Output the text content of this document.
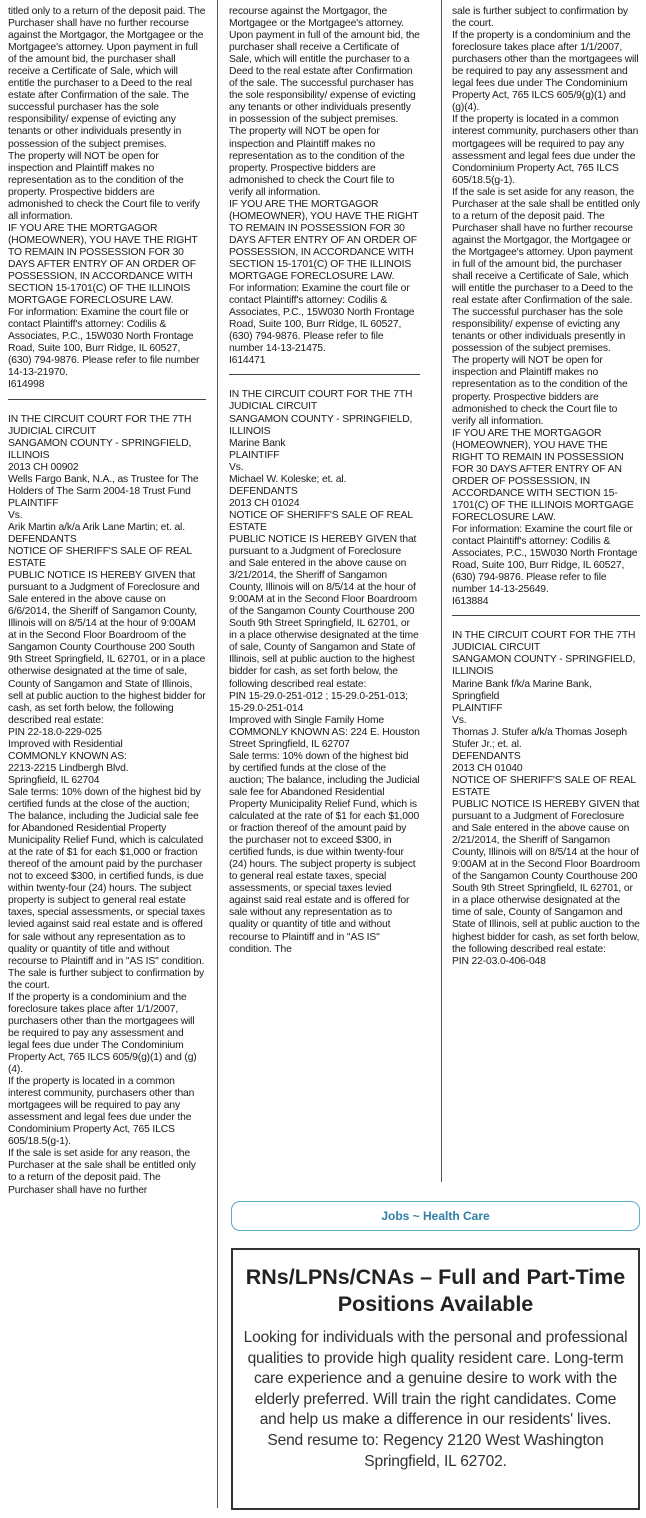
titled only to a return of the deposit paid. The Purchaser shall have no further recourse against the Mortgagor, the Mortgagee or the Mortgagee's attorney. Upon payment in full of the amount bid, the purchaser shall receive a Certificate of Sale, which will entitle the purchaser to a Deed to the real estate after Confirmation of the sale. The successful purchaser has the sole responsibility/ expense of evicting any tenants or other individuals presently in possession of the subject premises.

The property will NOT be open for inspection and Plaintiff makes no representation as to the condition of the property. Prospective bidders are admonished to check the Court file to verify all information.

IF YOU ARE THE MORTGAGOR (HOMEOWNER), YOU HAVE THE RIGHT TO REMAIN IN POSSESSION FOR 30 DAYS AFTER ENTRY OF AN ORDER OF POSSESSION, IN ACCORDANCE WITH SECTION 15-1701(C) OF THE ILLINOIS MORTGAGE FORECLOSURE LAW.

For information: Examine the court file or contact Plaintiff's attorney: Codilis & Associates, P.C., 15W030 North Frontage Road, Suite 100, Burr Ridge, IL 60527, (630) 794-9876. Please refer to file number 14-13-21970.

I614998

IN THE CIRCUIT COURT FOR THE 7TH JUDICIAL CIRCUIT

SANGAMON COUNTY - SPRINGFIELD, ILLINOIS

2013 CH 00902

Wells Fargo Bank, N.A., as Trustee for The Holders of The Sarm 2004-18 Trust Fund

PLAINTIFF

Vs.

Arik Martin a/k/a Arik Lane Martin; et. al.

DEFENDANTS

NOTICE OF SHERIFF'S SALE OF REAL ESTATE

PUBLIC NOTICE IS HEREBY GIVEN that pursuant to a Judgment of Foreclosure and Sale entered in the above cause on 6/6/2014, the Sheriff of Sangamon County, Illinois will on 8/5/14 at the hour of 9:00AM at in the Second Floor Boardroom of the Sangamon County Courthouse 200 South 9th Street Springfield, IL 62701, or in a place otherwise designated at the time of sale, County of Sangamon and State of Illinois, sell at public auction to the highest bidder for cash, as set forth below, the following described real estate:

PIN 22-18.0-229-025

Improved with Residential

COMMONLY KNOWN AS:

2213-2215 Lindbergh Blvd.

Springfield, IL 62704

Sale terms: 10% down of the highest bid by certified funds at the close of the auction; The balance, including the Judicial sale fee for Abandoned Residential Property Municipality Relief Fund, which is calculated at the rate of $1 for each $1,000 or fraction thereof of the amount paid by the purchaser not to exceed $300, in certified funds, is due within twenty-four (24) hours. The subject property is subject to general real estate taxes, special assessments, or special taxes levied against said real estate and is offered for sale without any representation as to quality or quantity of title and without recourse to Plaintiff and in "AS IS" condition. The sale is further subject to confirmation by the court.

If the property is a condominium and the foreclosure takes place after 1/1/2007, purchasers other than the mortgagees will be required to pay any assessment and legal fees due under The Condominium Property Act, 765 ILCS 605/9(g)(1) and (g)(4).

If the property is located in a common interest community, purchasers other than mortgagees will be required to pay any assessment and legal fees due under the Condominium Property Act, 765 ILCS 605/18.5(g-1).

If the sale is set aside for any reason, the Purchaser at the sale shall be entitled only to a return of the deposit paid. The Purchaser shall have no further

recourse against the Mortgagor, the Mortgagee or the Mortgagee's attorney. Upon payment in full of the amount bid, the purchaser shall receive a Certificate of Sale, which will entitle the purchaser to a Deed to the real estate after Confirmation of the sale. The successful purchaser has the sole responsibility/ expense of evicting any tenants or other individuals presently in possession of the subject premises.

The property will NOT be open for inspection and Plaintiff makes no representation as to the condition of the property. Prospective bidders are admonished to check the Court file to verify all information.

IF YOU ARE THE MORTGAGOR (HOMEOWNER), YOU HAVE THE RIGHT TO REMAIN IN POSSESSION FOR 30 DAYS AFTER ENTRY OF AN ORDER OF POSSESSION, IN ACCORDANCE WITH SECTION 15-1701(C) OF THE ILLINOIS MORTGAGE FORECLOSURE LAW.

For information: Examine the court file or contact Plaintiff's attorney: Codilis & Associates, P.C., 15W030 North Frontage Road, Suite 100, Burr Ridge, IL 60527, (630) 794-9876. Please refer to file number 14-13-21475.

I614471

IN THE CIRCUIT COURT FOR THE 7TH JUDICIAL CIRCUIT

SANGAMON COUNTY - SPRINGFIELD, ILLINOIS

Marine Bank

PLAINTIFF

Vs.

Michael W. Koleske; et. al.

DEFENDANTS

2013 CH 01024

NOTICE OF SHERIFF'S SALE OF REAL ESTATE

PUBLIC NOTICE IS HEREBY GIVEN that pursuant to a Judgment of Foreclosure and Sale entered in the above cause on 3/21/2014, the Sheriff of Sangamon County, Illinois will on 8/5/14 at the hour of 9:00AM at in the Second Floor Boardroom of the Sangamon County Courthouse 200 South 9th Street Springfield, IL 62701, or in a place otherwise designated at the time of sale, County of Sangamon and State of Illinois, sell at public auction to the highest bidder for cash, as set forth below, the following described real estate:

PIN 15-29.0-251-012 ; 15-29.0-251-013; 15-29.0-251-014

Improved with Single Family Home

COMMONLY KNOWN AS: 224 E. Houston Street Springfield, IL 62707

Sale terms: 10% down of the highest bid by certified funds at the close of the auction; The balance, including the Judicial sale fee for Abandoned Residential Property Municipality Relief Fund, which is calculated at the rate of $1 for each $1,000 or fraction thereof of the amount paid by the purchaser not to exceed $300, in certified funds, is due within twenty-four (24) hours. The subject property is subject to general real estate taxes, special assessments, or special taxes levied against said real estate and is offered for sale without any representation as to quality or quantity of title and without recourse to Plaintiff and in "AS IS" condition. The

sale is further subject to confirmation by the court.

If the property is a condominium and the foreclosure takes place after 1/1/2007, purchasers other than the mortgagees will be required to pay any assessment and legal fees due under The Condominium Property Act, 765 ILCS 605/9(g)(1) and (g)(4).

If the property is located in a common interest community, purchasers other than mortgagees will be required to pay any assessment and legal fees due under the Condominium Property Act, 765 ILCS 605/18.5(g-1).

If the sale is set aside for any reason, the Purchaser at the sale shall be entitled only to a return of the deposit paid. The Purchaser shall have no further recourse against the Mortgagor, the Mortgagee or the Mortgagee's attorney. Upon payment in full of the amount bid, the purchaser shall receive a Certificate of Sale, which will entitle the purchaser to a Deed to the real estate after Confirmation of the sale. The successful purchaser has the sole responsibility/ expense of evicting any tenants or other individuals presently in possession of the subject premises.

The property will NOT be open for inspection and Plaintiff makes no representation as to the condition of the property. Prospective bidders are admonished to check the Court file to verify all information.

IF YOU ARE THE MORTGAGOR (HOMEOWNER), YOU HAVE THE RIGHT TO REMAIN IN POSSESSION FOR 30 DAYS AFTER ENTRY OF AN ORDER OF POSSESSION, IN ACCORDANCE WITH SECTION 15-1701(C) OF THE ILLINOIS MORTGAGE FORECLOSURE LAW.

For information: Examine the court file or contact Plaintiff's attorney: Codilis & Associates, P.C., 15W030 North Frontage Road, Suite 100, Burr Ridge, IL 60527, (630) 794-9876. Please refer to file number 14-13-25649.

I613884

IN THE CIRCUIT COURT FOR THE 7TH JUDICIAL CIRCUIT

SANGAMON COUNTY - SPRINGFIELD, ILLINOIS

Marine Bank f/k/a Marine Bank, Springfield

PLAINTIFF

Vs.

Thomas J. Stufer a/k/a Thomas Joseph Stufer Jr.; et. al.

DEFENDANTS

2013 CH 01040

NOTICE OF SHERIFF'S SALE OF REAL ESTATE

PUBLIC NOTICE IS HEREBY GIVEN that pursuant to a Judgment of Foreclosure and Sale entered in the above cause on 2/21/2014, the Sheriff of Sangamon County, Illinois will on 8/5/14 at the hour of 9:00AM at in the Second Floor Boardroom of the Sangamon County Courthouse 200 South 9th Street Springfield, IL 62701, or in a place otherwise designated at the time of sale, County of Sangamon and State of Illinois, sell at public auction to the highest bidder for cash, as set forth below, the following described real estate:

PIN 22-03.0-406-048

Jobs ~ Health Care
RNs/LPNs/CNAs – Full and Part-Time Positions Available
Looking for individuals with the personal and professional qualities to provide high quality resident care. Long-term care experience and a genuine desire to work with the elderly preferred. Will train the right candidates. Come and help us make a difference in our residents' lives. Send resume to: Regency 2120 West Washington Springfield, IL 62702.
